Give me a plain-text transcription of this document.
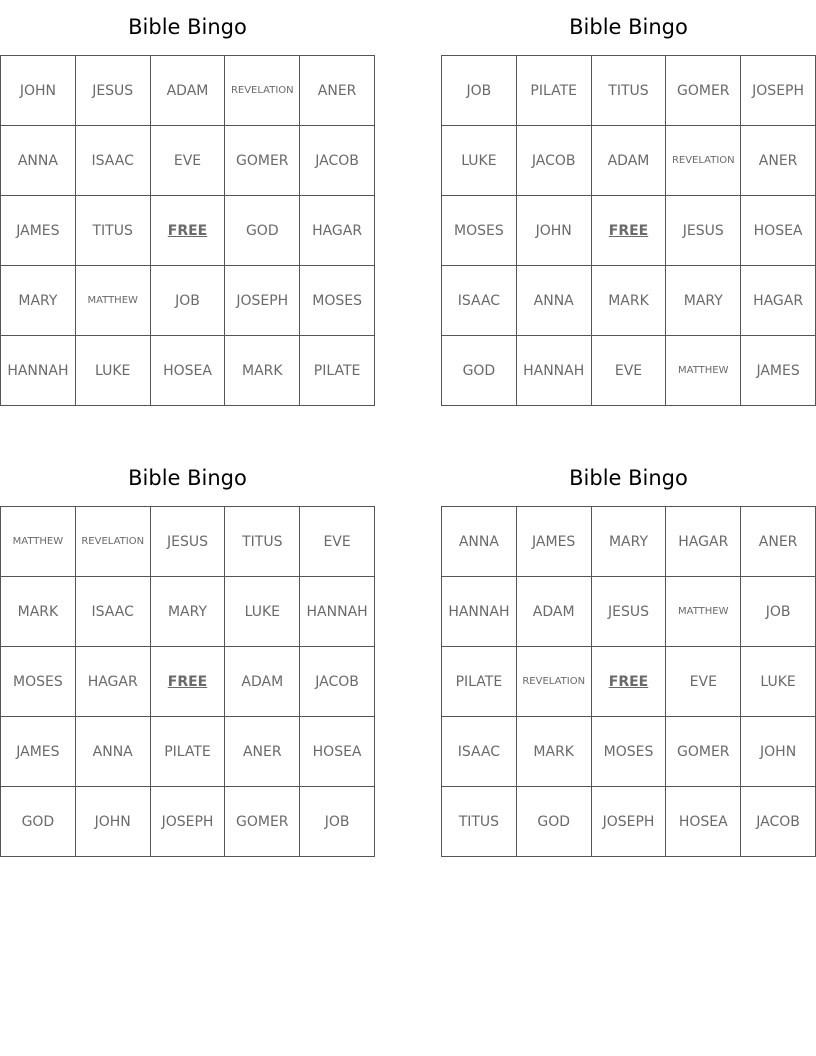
Bible Bingo
JOHN	JESUS	ADAM	REVELATION	ANER
ANNA	ISAAC	EVE	GOMER	JACOB
JAMES	TITUS	FREE	GOD	HAGAR
MARY	MATTHEW	JOB	JOSEPH	MOSES
HANNAH	LUKE	HOSEA	MARK	PILATE
Bible Bingo
JOB	PILATE	TITUS	GOMER	JOSEPH
LUKE	JACOB	ADAM	REVELATION	ANER
MOSES	JOHN	FREE	JESUS	HOSEA
ISAAC	ANNA	MARK	MARY	HAGAR
GOD	HANNAH	EVE	MATTHEW	JAMES
Bible Bingo
MATTHEW	REVELATION	JESUS	TITUS	EVE
MARK	ISAAC	MARY	LUKE	HANNAH
MOSES	HAGAR	FREE	ADAM	JACOB
JAMES	ANNA	PILATE	ANER	HOSEA
GOD	JOHN	JOSEPH	GOMER	JOB
Bible Bingo
ANNA	JAMES	MARY	HAGAR	ANER
HANNAH	ADAM	JESUS	MATTHEW	JOB
PILATE	REVELATION	FREE	EVE	LUKE
ISAAC	MARK	MOSES	GOMER	JOHN
TITUS	GOD	JOSEPH	HOSEA	JACOB
